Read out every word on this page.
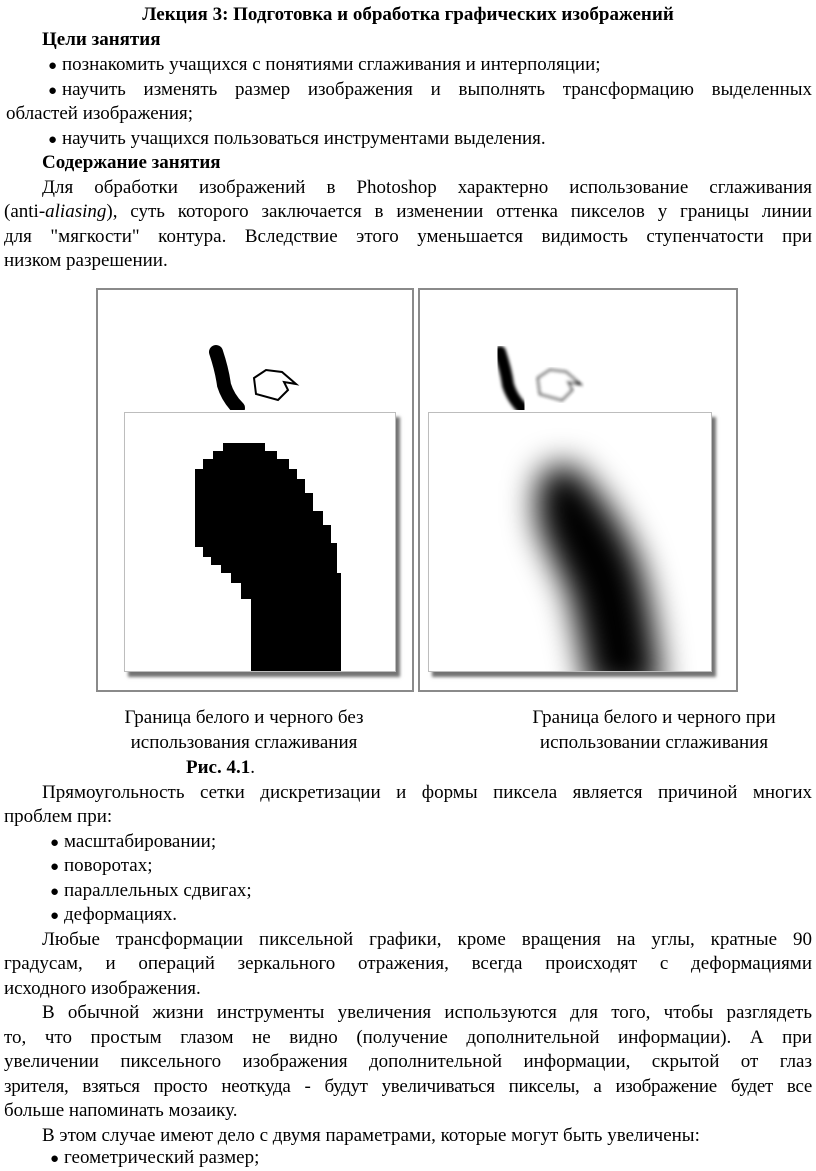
Лекция 3: Подготовка и обработка графических изображений
Цели занятия
● познакомить учащихся с понятиями сглаживания и интерполяции;
● научить изменять размер изображения и выполнять трансформацию выделенных
областей изображения;
● научить учащихся пользоваться инструментами выделения.
Содержание занятия
Для обработки изображений в Photoshop характерно использование сглаживания
(anti-aliasing), суть которого заключается в изменении оттенка пикселов у границы линии
для "мягкости" контура. Вследствие этого уменьшается видимость ступенчатости при
низком разрешении.
Граница белого и черного без
использования сглаживания
Граница белого и черного при
использовании сглаживания
Рис. 4.1.
Прямоугольность сетки дискретизации и формы пиксела является причиной многих
проблем при:
● масштабировании;
● поворотах;
● параллельных сдвигах;
● деформациях.
Любые трансформации пиксельной графики, кроме вращения на углы, кратные 90
градусам, и операций зеркального отражения, всегда происходят с деформациями
исходного изображения.
В обычной жизни инструменты увеличения используются для того, чтобы разглядеть
то, что простым глазом не видно (получение дополнительной информации). А при
увеличении пиксельного изображения дополнительной информации, скрытой от глаз
зрителя, взяться просто неоткуда - будут увеличиваться пикселы, а изображение будет все
больше напоминать мозаику.
В этом случае имеют дело с двумя параметрами, которые могут быть увеличены:
● геометрический размер;
